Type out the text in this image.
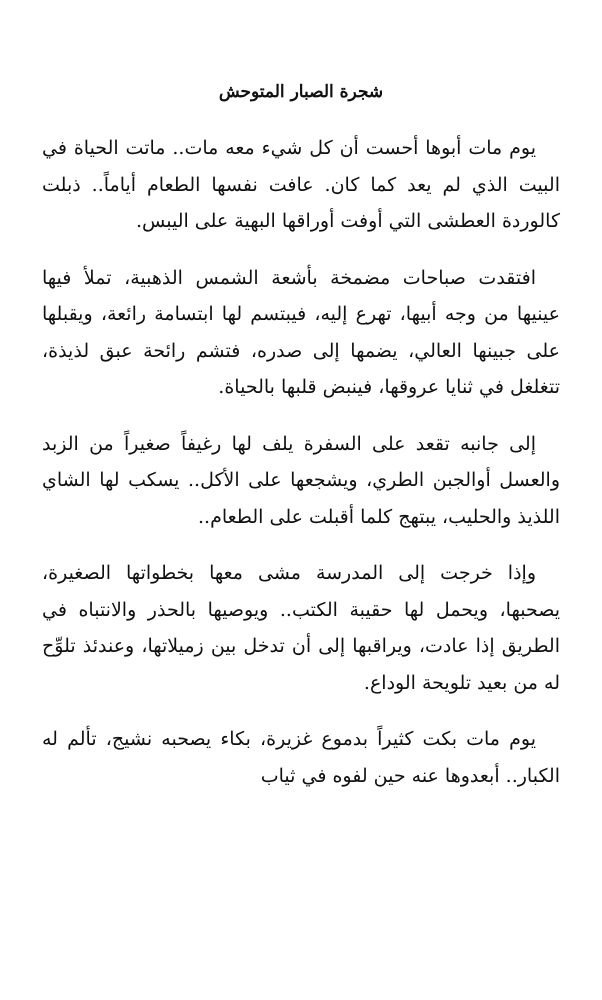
شجرة الصبار المتوحش

يوم مات أبوها أحست أن كل شيء معه مات.. ماتت الحياة في البيت الذي لم يعد كما كان. عافت نفسها الطعام أياماً.. ذبلت كالوردة العطشى التي أوفت أوراقها البهية على اليبس.

افتقدت صباحات مضمخة بأشعة الشمس الذهبية، تملأ فيها عينيها من وجه أبيها، تهرع إليه، فيبتسم لها ابتسامة رائعة، ويقبلها على جبينها العالي، يضمها إلى صدره، فتشم رائحة عبق لذيذة، تتغلغل في ثنايا عروقها، فينبض قلبها بالحياة.

إلى جانبه تقعد على السفرة يلف لها رغيفاً صغيراً من الزبد والعسل أوالجبن الطري، ويشجعها على الأكل.. يسكب لها الشاي اللذيذ والحليب، يبتهج كلما أقبلت على الطعام..

وإذا خرجت إلى المدرسة مشى معها بخطواتها الصغيرة، يصحبها، ويحمل لها حقيبة الكتب.. ويوصيها بالحذر والانتباه في الطريق إذا عادت، ويراقبها إلى أن تدخل بين زميلاتها، وعندئذ تلوِّح له من بعيد تلويحة الوداع.

يوم مات بكت كثيراً بدموع غزيرة، بكاء يصحبه نشيج، تألم له الكبار.. أبعدوها عنه حين لفوه في ثياب
